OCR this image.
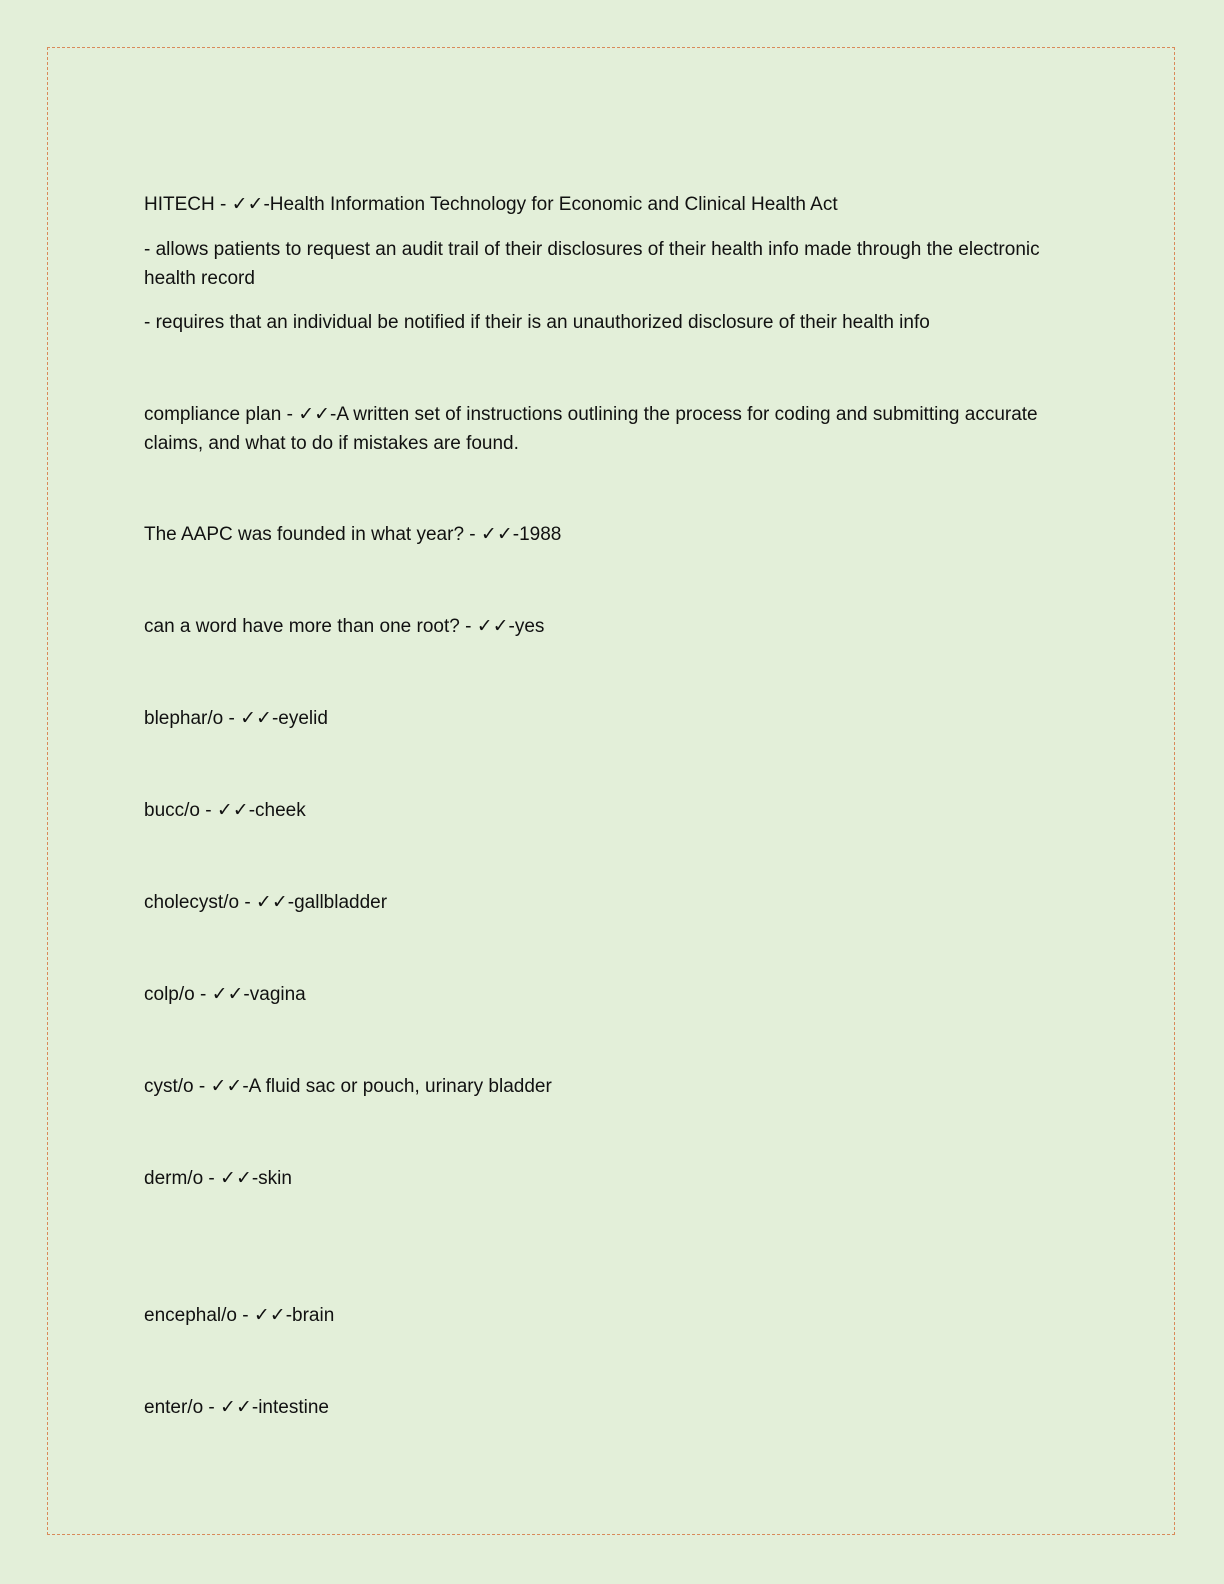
HITECH - ✓✓-Health Information Technology for Economic and Clinical Health Act
- allows patients to request an audit trail of their disclosures of their health info made through the electronic health record
- requires that an individual be notified if their is an unauthorized disclosure of their health info
compliance plan - ✓✓-A written set of instructions outlining the process for coding and submitting accurate claims, and what to do if mistakes are found.
The AAPC was founded in what year? - ✓✓-1988
can a word have more than one root? - ✓✓-yes
blephar/o - ✓✓-eyelid
bucc/o - ✓✓-cheek
cholecyst/o - ✓✓-gallbladder
colp/o - ✓✓-vagina
cyst/o - ✓✓-A fluid sac or pouch, urinary bladder
derm/o - ✓✓-skin
encephal/o - ✓✓-brain
enter/o - ✓✓-intestine
